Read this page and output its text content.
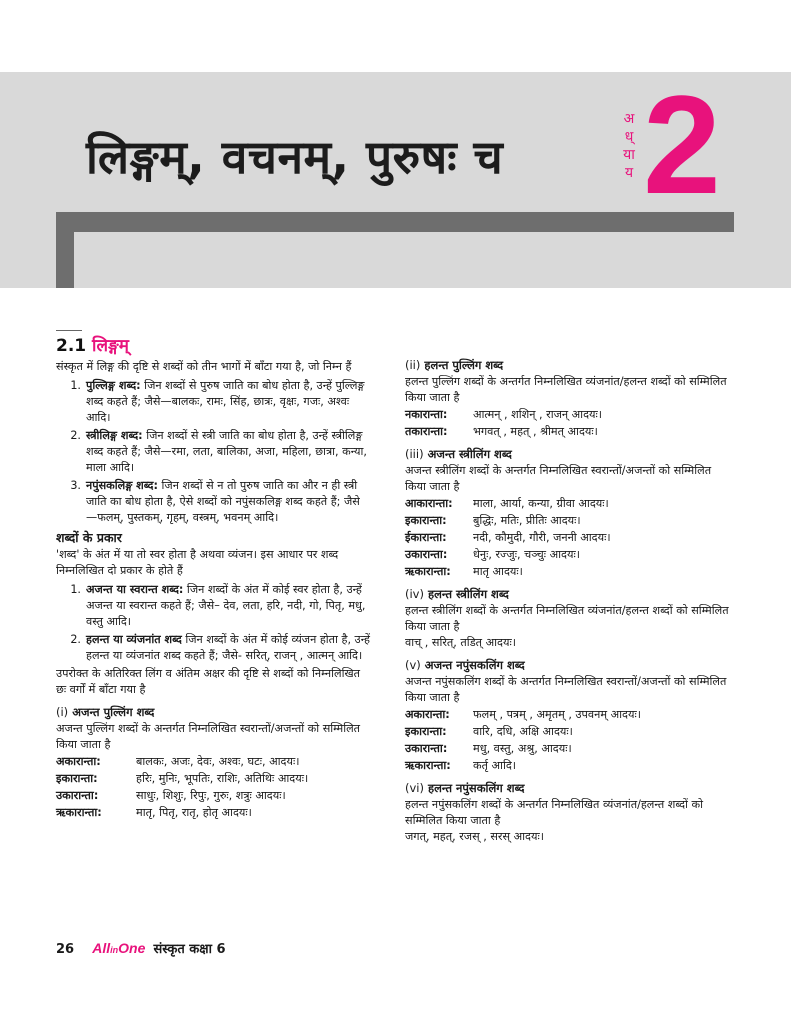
लिङ्गम्, वचनम्, पुरुषः च
अ
ध्
या
य 2
2.1 लिङ्गम्

संस्कृत में लिङ्ग की दृष्टि से शब्दों को तीन भागों में बाँटा गया है, जो निम्न हैं

1. पुल्लिङ्ग शब्द: जिन शब्दों से पुरुष जाति का बोध होता है, उन्हें पुल्लिङ्ग शब्द कहते हैं; जैसे—बालकः, रामः, सिंह, छात्रः, वृक्षः, गजः, अश्वः आदि।
2. स्त्रीलिङ्ग शब्द: जिन शब्दों से स्त्री जाति का बोध होता है, उन्हें स्त्रीलिङ्ग शब्द कहते हैं; जैसे—रमा, लता, बालिका, अजा, महिला, छात्रा, कन्या, माला आदि।
3. नपुंसकलिङ्ग शब्द: जिन शब्दों से न तो पुरुष जाति का और न ही स्त्री जाति का बोध होता है, ऐसे शब्दों को नपुंसकलिङ्ग शब्द कहते हैं; जैसे—फलम्, पुस्तकम्, गृहम्, वस्त्रम्, भवनम् आदि।
शब्दों के प्रकार

'शब्द' के अंत में या तो स्वर होता है अथवा व्यंजन। इस आधार पर शब्द निम्नलिखित दो प्रकार के होते हैं

1. अजन्त या स्वरान्त शब्द: जिन शब्दों के अंत में कोई स्वर होता है, उन्हें अजन्त या स्वरान्त कहते हैं; जैसे– देव, लता, हरि, नदी, गो, पितृ, मधु, वस्तु आदि।
2. हलन्त या व्यंजनांत शब्द जिन शब्दों के अंत में कोई व्यंजन होता है, उन्हें हलन्त या व्यंजनांत शब्द कहते हैं; जैसे- सरित्, राजन् , आत्मन् आदि।

उपरोक्त के अतिरिक्त लिंग व अंतिम अक्षर की दृष्टि से शब्दों को निम्नलिखित छः वर्गों में बाँटा गया है

(i) अजन्त पुल्लिंग शब्द

अजन्त पुल्लिंग शब्दों के अन्तर्गत निम्नलिखित स्वरान्तों/अजन्तों को सम्मिलित किया जाता है

अकारान्ता:	बालकः, अजः, देवः, अश्वः, घटः, आदयः।
इकारान्ता:	हरिः, मुनिः, भूपतिः, राशिः, अतिथिः आदयः।
उकारान्ता:	साधुः, शिशुः, रिपुः, गुरुः, शत्रुः आदयः।
ऋकारान्ता:	मातृ, पितृ, रातृ, होतृ आदयः।
(ii) हलन्त पुल्लिंग शब्द

हलन्त पुल्लिंग शब्दों के अन्तर्गत निम्नलिखित व्यंजनांत/हलन्त शब्दों को सम्मिलित किया जाता है

नकारान्ता:	आत्मन् , शशिन् , राजन् आदयः।
तकारान्ता:	भगवत् , महत् , श्रीमत् आदयः।
(iii) अजन्त स्त्रीलिंग शब्द

अजन्त स्त्रीलिंग शब्दों के अन्तर्गत निम्नलिखित स्वरान्तों/अजन्तों को सम्मिलित किया जाता है

आकारान्ता:	माला, आर्या, कन्या, ग्रीवा आदयः।
इकारान्ता:	बुद्धिः, मतिः, प्रीतिः आदयः।
ईकारान्ता:	नदी, कौमुदी, गौरी, जननी आदयः।
उकारान्ता:	धेनुः, रज्जुः, चञ्चुः आदयः।
ऋकारान्ता:	मातृ आदयः।
(iv) हलन्त स्त्रीलिंग शब्द

हलन्त स्त्रीलिंग शब्दों के अन्तर्गत निम्नलिखित व्यंजनांत/हलन्त शब्दों को सम्मिलित किया जाता है

वाच् , सरित्, तडित् आदयः।

(v) अजन्त नपुंसकलिंग शब्द

अजन्त नपुंसकलिंग शब्दों के अन्तर्गत निम्नलिखित स्वरान्तों/अजन्तों को सम्मिलित किया जाता है

अकारान्ता:	फलम् , पत्रम् , अमृतम् , उपवनम् आदयः।
इकारान्ता:	वारि, दधि, अक्षि आदयः।
उकारान्ता:	मधु, वस्तु, अश्रु, आदयः।
ऋकारान्ता:	कर्तृ आदि।
(vi) हलन्त नपुंसकलिंग शब्द

हलन्त नपुंसकलिंग शब्दों के अन्तर्गत निम्नलिखित व्यंजनांत/हलन्त शब्दों को सम्मिलित किया जाता है

जगत्, महत्, रजस् , सरस् आदयः।

26 AllinOne संस्कृत कक्षा 6
